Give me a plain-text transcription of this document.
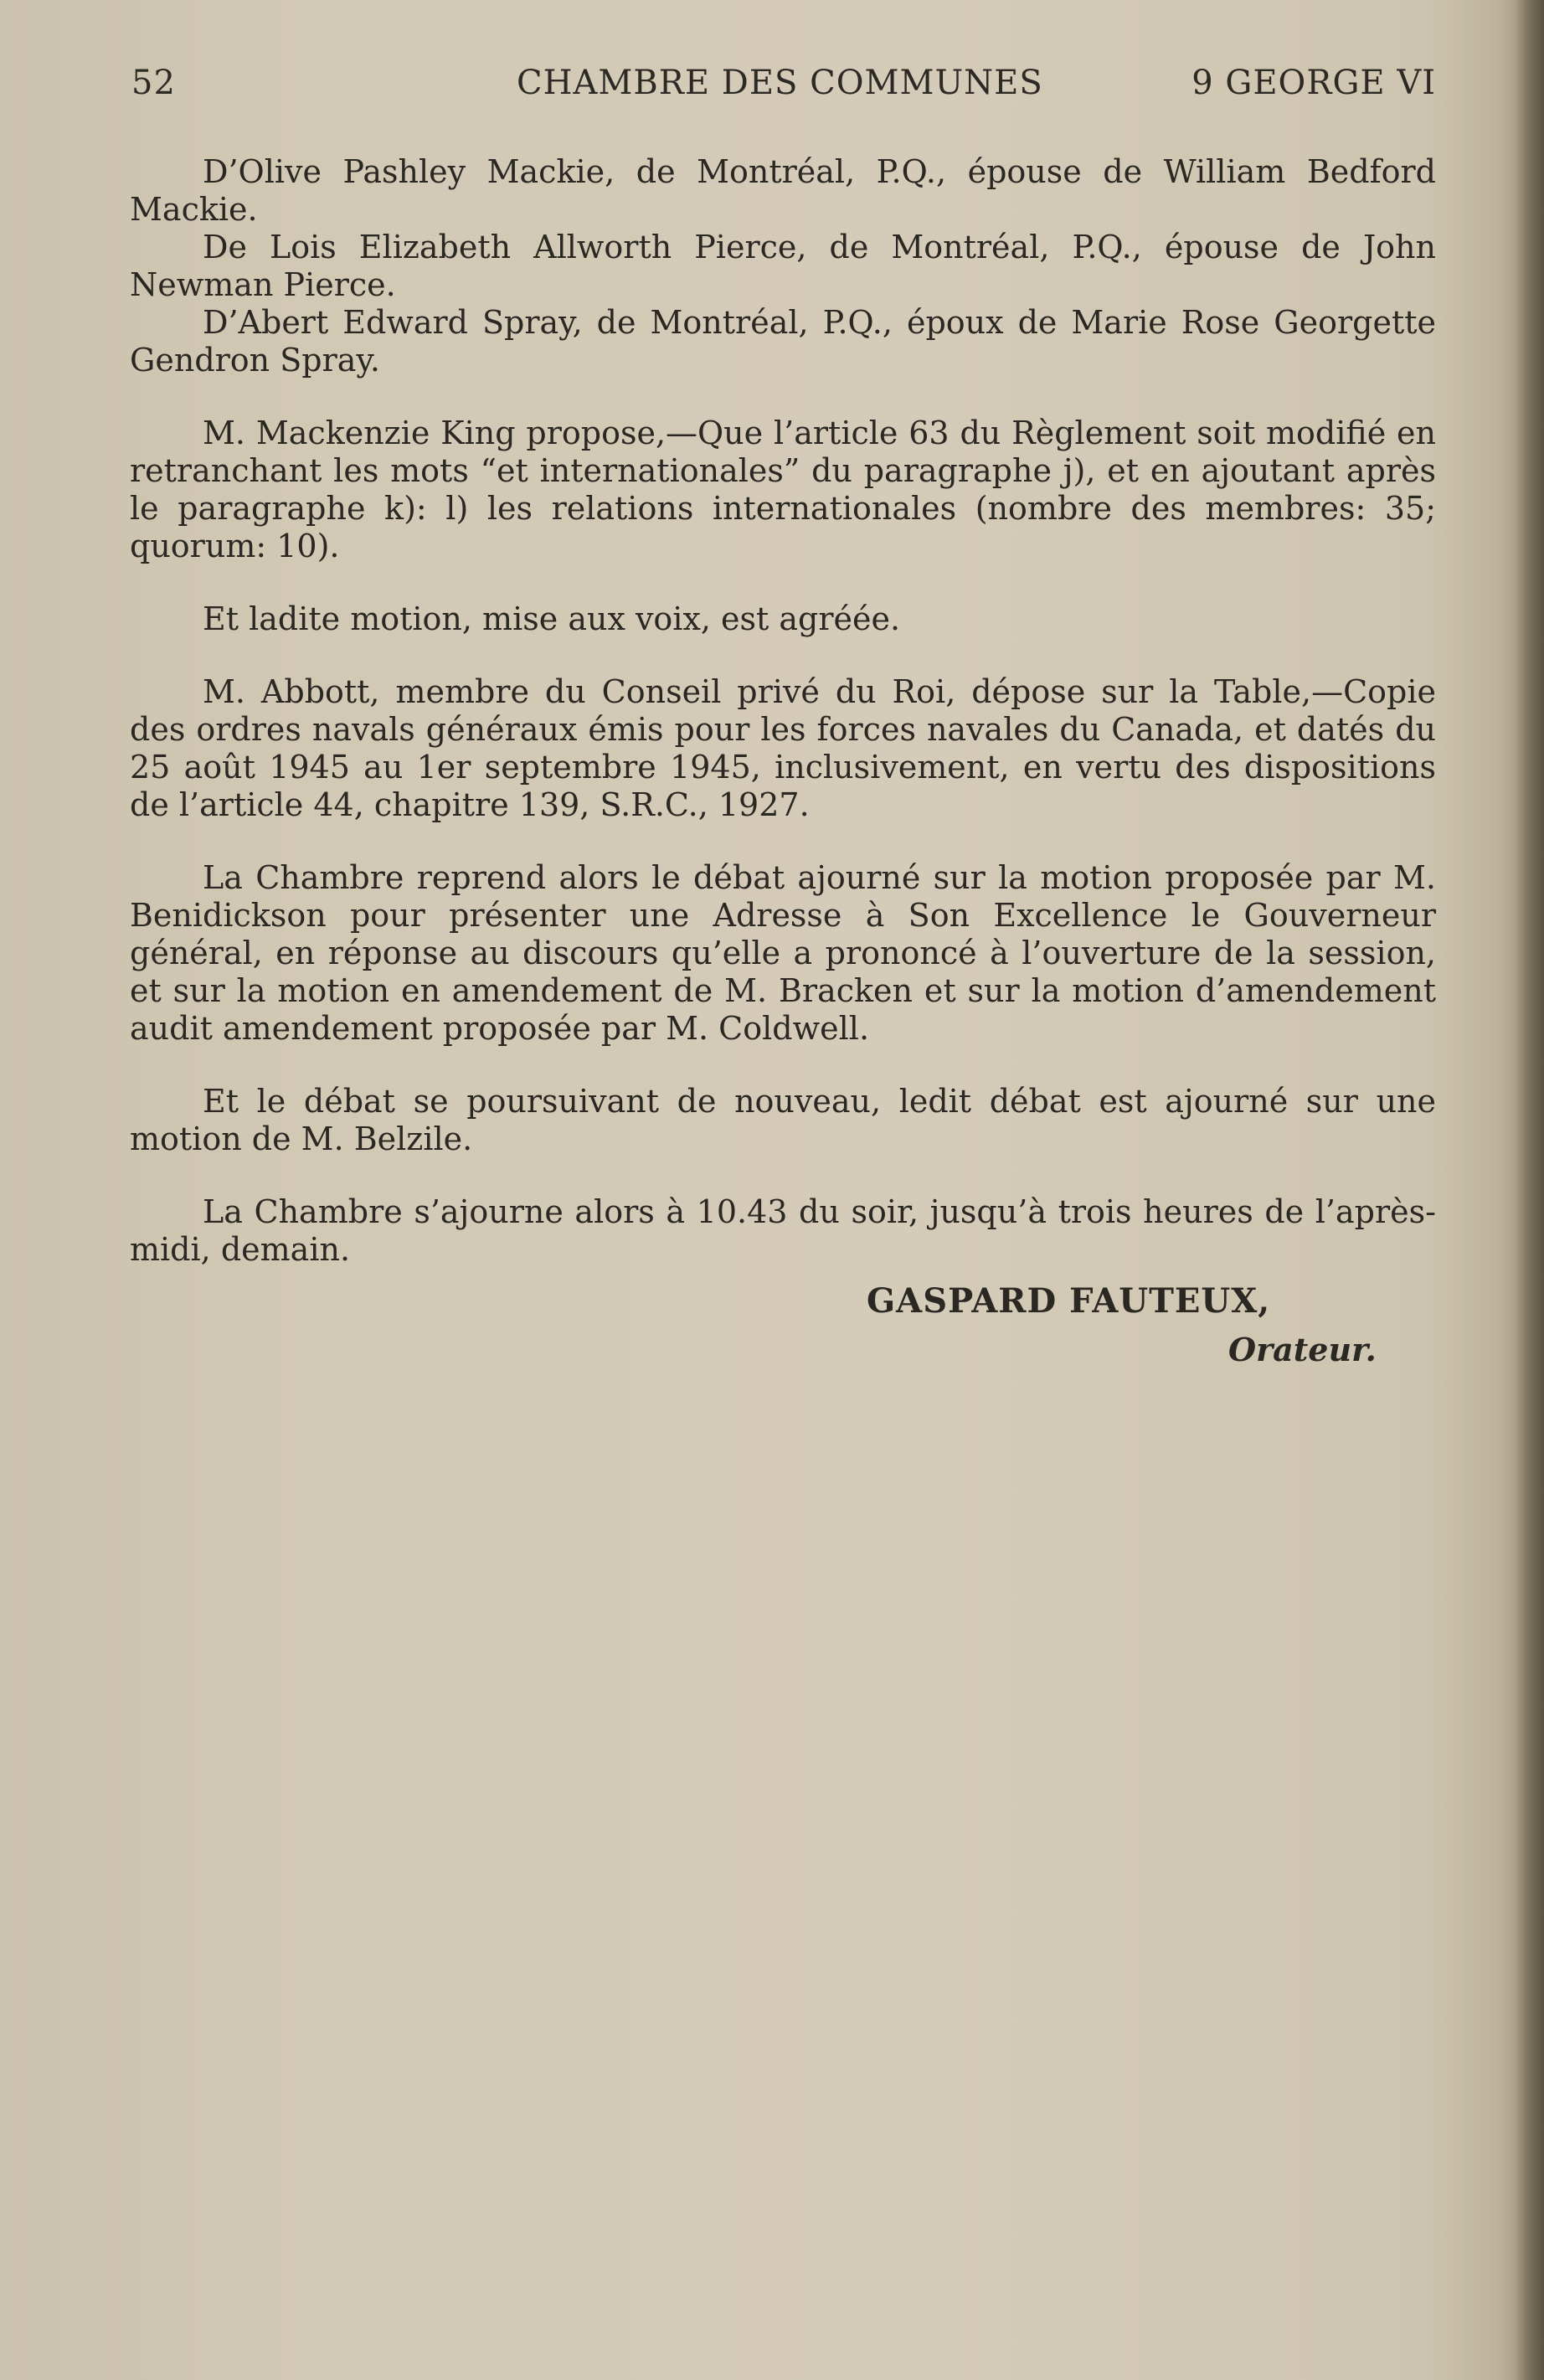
52	CHAMBRE DES COMMUNES	9 GEORGE VI

D’Olive Pashley Mackie, de Montréal, P.Q., épouse de William Bedford Mackie.

De Lois Elizabeth Allworth Pierce, de Montréal, P.Q., épouse de John Newman Pierce.

D’Abert Edward Spray, de Montréal, P.Q., époux de Marie Rose Georgette Gendron Spray.

M. Mackenzie King propose,—Que l’article 63 du Règlement soit modifié en retranchant les mots “et internationales” du paragraphe j), et en ajoutant après le paragraphe k): l) les relations internationales (nombre des membres: 35; quorum: 10).

Et ladite motion, mise aux voix, est agréée.

M. Abbott, membre du Conseil privé du Roi, dépose sur la Table,—Copie des ordres navals généraux émis pour les forces navales du Canada, et datés du 25 août 1945 au 1er septembre 1945, inclusivement, en vertu des dispositions de l’article 44, chapitre 139, S.R.C., 1927.

La Chambre reprend alors le débat ajourné sur la motion proposée par M. Benidickson pour présenter une Adresse à Son Excellence le Gouverneur général, en réponse au discours qu’elle a prononcé à l’ouverture de la session, et sur la motion en amendement de M. Bracken et sur la motion d’amendement audit amendement proposée par M. Coldwell.

Et le débat se poursuivant de nouveau, ledit débat est ajourné sur une motion de M. Belzile.

La Chambre s’ajourne alors à 10.43 du soir, jusqu’à trois heures de l’après-midi, demain.

GASPARD FAUTEUX,
Orateur.
